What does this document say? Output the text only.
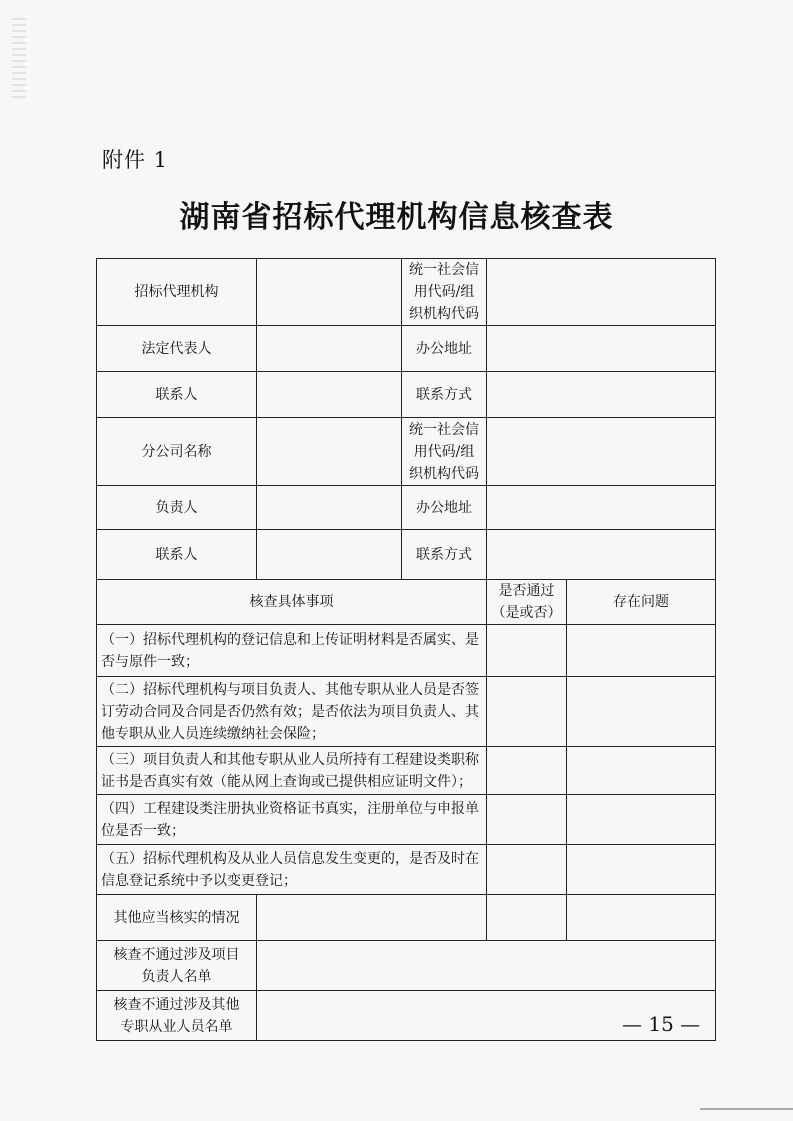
附件 1
湖南省招标代理机构信息核查表
招标代理机构		统一社会信
用代码/组
织机构代码		

法定代表人		办公地址		
联系人		联系方式		
分公司名称		统一社会信
用代码/组
织机构代码		

负责人		办公地址		
联系人		联系方式		
核查具体事项			是否通过
（是或否）	存在问题

（一）招标代理机构的登记信息和上传证明材料是否属实、是
否与原件一致；				

（二）招标代理机构与项目负责人、其他专职从业人员是否签
订劳动合同及合同是否仍然有效；是否依法为项目负责人、其
他专职从业人员连续缴纳社会保险；				

（三）项目负责人和其他专职从业人员所持有工程建设类职称
证书是否真实有效（能从网上查询或已提供相应证明文件）；				

（四）工程建设类注册执业资格证书真实，注册单位与申报单
位是否一致；				

（五）招标代理机构及从业人员信息发生变更的，是否及时在
信息登记系统中予以变更登记；				

其他应当核实的情况				

核查不通过涉及项目
负责人名单				

核查不通过涉及其他
专职从业人员名单				
		— 15 —
